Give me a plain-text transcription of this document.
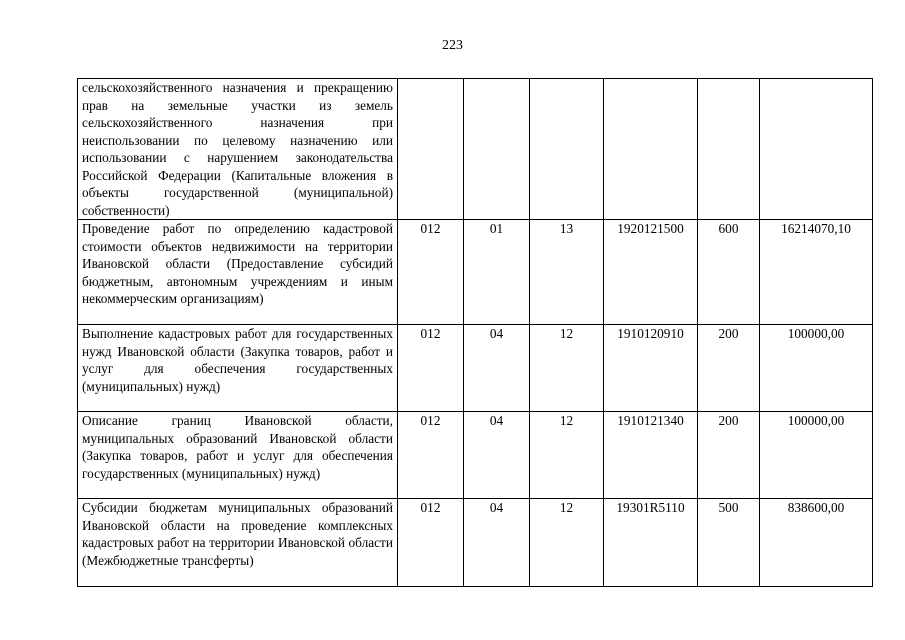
223
сельскохозяйственного назначения и прекращению прав на земельные участки из земель сельскохозяйственного назначения при неиспользовании по целевому назначению или использовании с нарушением законодательства Российской Федерации (Капитальные вложения в объекты государственной (муниципальной) собственности)						
Проведение работ по определению кадастровой стоимости объектов недвижимости на территории Ивановской области (Предоставление субсидий бюджетным, автономным учреждениям и иным некоммерческим организациям)	012	01	13	1920121500	600	16214070,10
Выполнение кадастровых работ для государственных нужд Ивановской области (Закупка товаров, работ и услуг для обеспечения государственных (муниципальных) нужд)	012	04	12	1910120910	200	100000,00
Описание границ Ивановской области, муниципальных образований Ивановской области (Закупка товаров, работ и услуг для обеспечения государственных (муниципальных) нужд)	012	04	12	1910121340	200	100000,00
Субсидии бюджетам муниципальных образований Ивановской области на проведение комплексных кадастровых работ на территории Ивановской области (Межбюджетные трансферты)	012	04	12	19301R5110	500	838600,00
